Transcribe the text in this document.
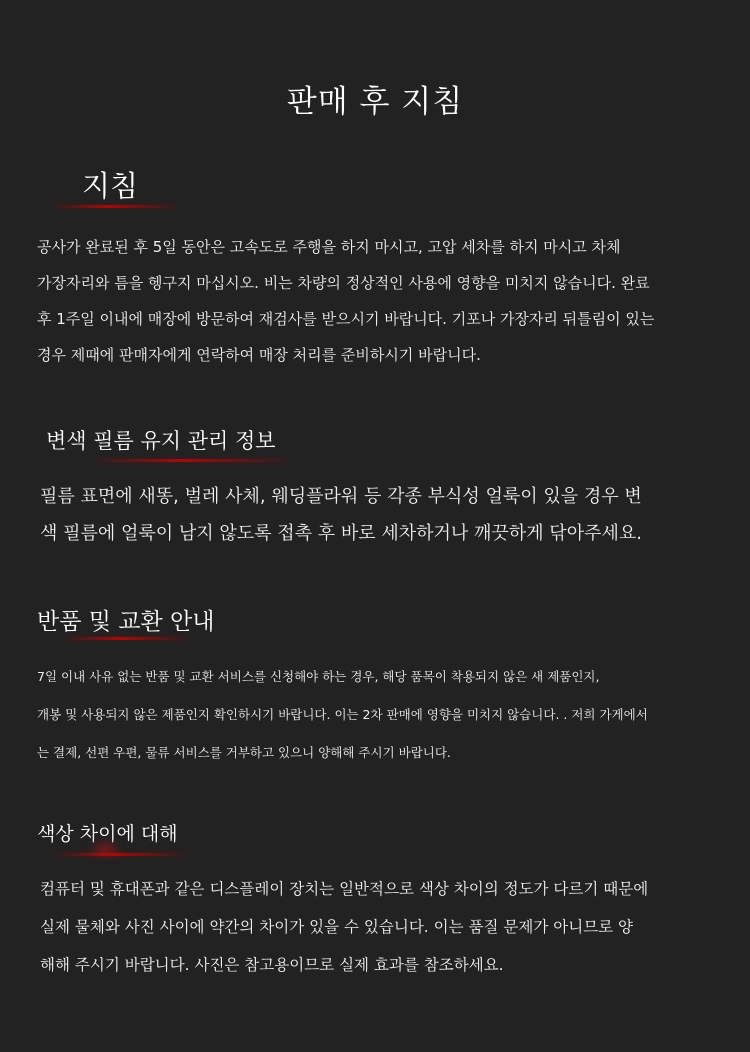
판매 후 지침
지침

공사가 완료된 후 5일 동안은 고속도로 주행을 하지 마시고, 고압 세차를 하지 마시고 차체
가장자리와 틈을 헹구지 마십시오. 비는 차량의 정상적인 사용에 영향을 미치지 않습니다. 완료
후 1주일 이내에 매장에 방문하여 재검사를 받으시기 바랍니다. 기포나 가장자리 뒤틀림이 있는
경우 제때에 판매자에게 연락하여 매장 처리를 준비하시기 바랍니다.

변색 필름 유지 관리 정보

필름 표면에 새똥, 벌레 사체, 웨딩플라워 등 각종 부식성 얼룩이 있을 경우 변
색 필름에 얼룩이 남지 않도록 접촉 후 바로 세차하거나 깨끗하게 닦아주세요.

반품 및 교환 안내

7일 이내 사유 없는 반품 및 교환 서비스를 신청해야 하는 경우, 해당 품목이 착용되지 않은 새 제품인지,
개봉 및 사용되지 않은 제품인지 확인하시기 바랍니다. 이는 2차 판매에 영향을 미치지 않습니다. . 저희 가게에서
는 결제, 선편 우편, 물류 서비스를 거부하고 있으니 양해해 주시기 바랍니다.

색상 차이에 대해

컴퓨터 및 휴대폰과 같은 디스플레이 장치는 일반적으로 색상 차이의 정도가 다르기 때문에
실제 물체와 사진 사이에 약간의 차이가 있을 수 있습니다. 이는 품질 문제가 아니므로 양
해해 주시기 바랍니다. 사진은 참고용이므로 실제 효과를 참조하세요.
